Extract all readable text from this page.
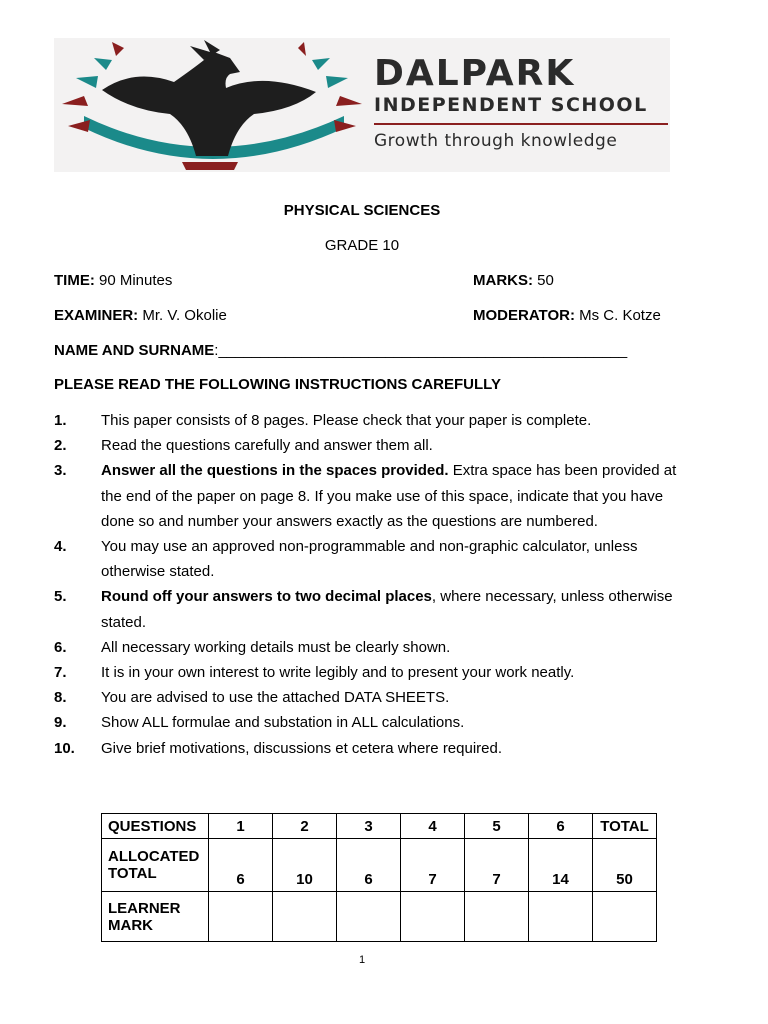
DALPARK
INDEPENDENT SCHOOL
Growth through knowledge
PHYSICAL SCIENCES
GRADE 10
TIME: 90 Minutes	MARKS: 50
EXAMINER: Mr. V. Okolie	MODERATOR: Ms C. Kotze
NAME AND SURNAME:_________________________________________________
PLEASE READ THE FOLLOWING INSTRUCTIONS CAREFULLY
1.	This paper consists of 8 pages. Please check that your paper is complete.
2.	Read the questions carefully and answer them all.
3.	Answer all the questions in the spaces provided. Extra space has been provided at the end of the paper on page 8. If you make use of this space, indicate that you have done so and number your answers exactly as the questions are numbered.
4.	You may use an approved non-programmable and non-graphic calculator, unless otherwise stated.
5.	Round off your answers to two decimal places, where necessary, unless otherwise stated.
6.	All necessary working details must be clearly shown.
7.	It is in your own interest to write legibly and to present your work neatly.
8.	You are advised to use the attached DATA SHEETS.
9.	Show ALL formulae and substation in ALL calculations.
10.	Give brief motivations, discussions et cetera where required.
QUESTIONS	1	2	3	4	5	6	TOTAL
ALLOCATED TOTAL	6	10	6	7	7	14	50
LEARNER MARK							
1
